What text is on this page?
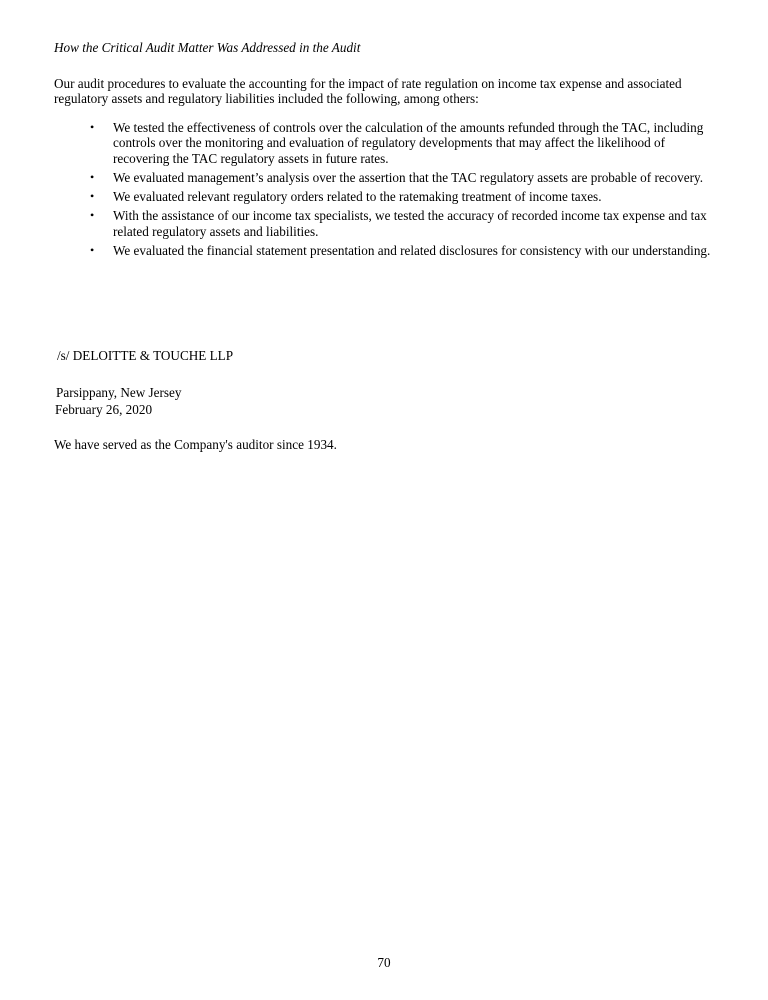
How the Critical Audit Matter Was Addressed in the Audit

Our audit procedures to evaluate the accounting for the impact of rate regulation on income tax expense and associated regulatory assets and regulatory liabilities included the following, among others:

•	We tested the effectiveness of controls over the calculation of the amounts refunded through the TAC, including controls over the monitoring and evaluation of regulatory developments that may affect the likelihood of recovering the TAC regulatory assets in future rates.
•	We evaluated management’s analysis over the assertion that the TAC regulatory assets are probable of recovery.
•	We evaluated relevant regulatory orders related to the ratemaking treatment of income taxes.
•	With the assistance of our income tax specialists, we tested the accuracy of recorded income tax expense and tax related regulatory assets and liabilities.
•	We evaluated the financial statement presentation and related disclosures for consistency with our understanding.
/s/ DELOITTE & TOUCHE LLP
Parsippany, New Jersey
February 26, 2020

We have served as the Company's auditor since 1934.

70
